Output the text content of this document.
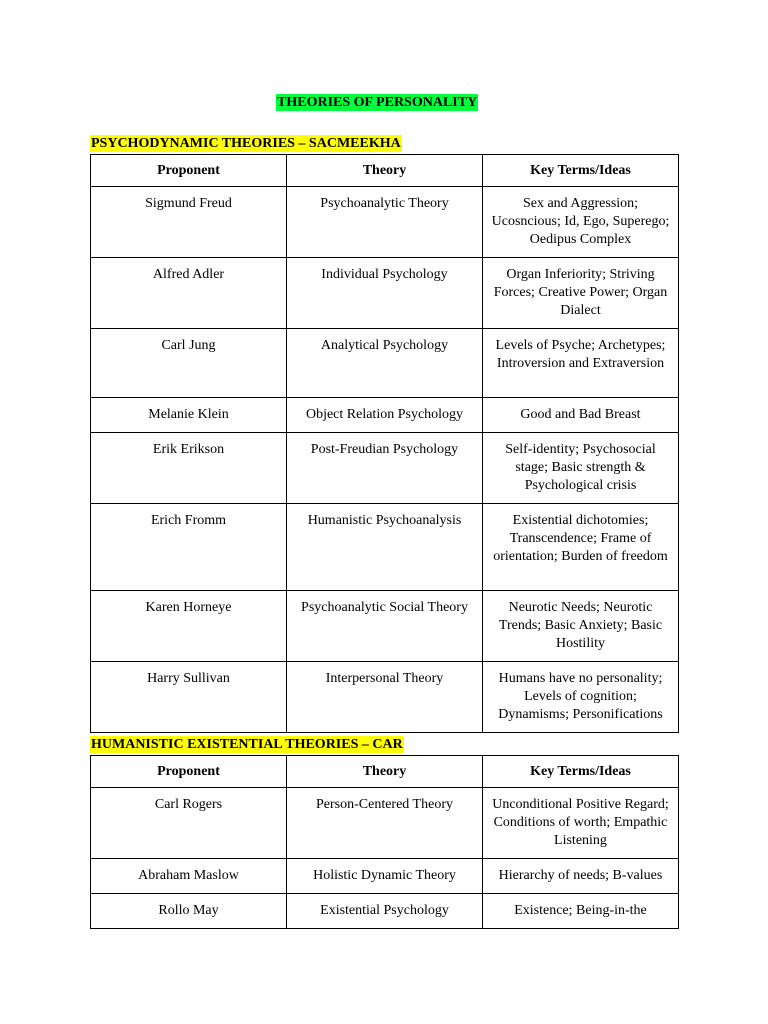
THEORIES OF PERSONALITY
PSYCHODYNAMIC THEORIES – SACMEEKHA
Proponent	Theory	Key Terms/Ideas
Sigmund Freud	Psychoanalytic Theory	Sex and Aggression; Ucosncious; Id, Ego, Superego; Oedipus Complex
Alfred Adler	Individual Psychology	Organ Inferiority; Striving Forces; Creative Power; Organ Dialect
Carl Jung	Analytical Psychology	Levels of Psyche; Archetypes; Introversion and Extraversion
Melanie Klein	Object Relation Psychology	Good and Bad Breast
Erik Erikson	Post-Freudian Psychology	Self-identity; Psychosocial stage; Basic strength & Psychological crisis
Erich Fromm	Humanistic Psychoanalysis	Existential dichotomies; Transcendence; Frame of orientation; Burden of freedom
Karen Horneye	Psychoanalytic Social Theory	Neurotic Needs; Neurotic Trends; Basic Anxiety; Basic Hostility
Harry Sullivan	Interpersonal Theory	Humans have no personality; Levels of cognition; Dynamisms; Personifications
HUMANISTIC EXISTENTIAL THEORIES – CAR
Proponent	Theory	Key Terms/Ideas
Carl Rogers	Person-Centered Theory	Unconditional Positive Regard; Conditions of worth; Empathic Listening
Abraham Maslow	Holistic Dynamic Theory	Hierarchy of needs; B-values
Rollo May	Existential Psychology	Existence; Being-in-the
